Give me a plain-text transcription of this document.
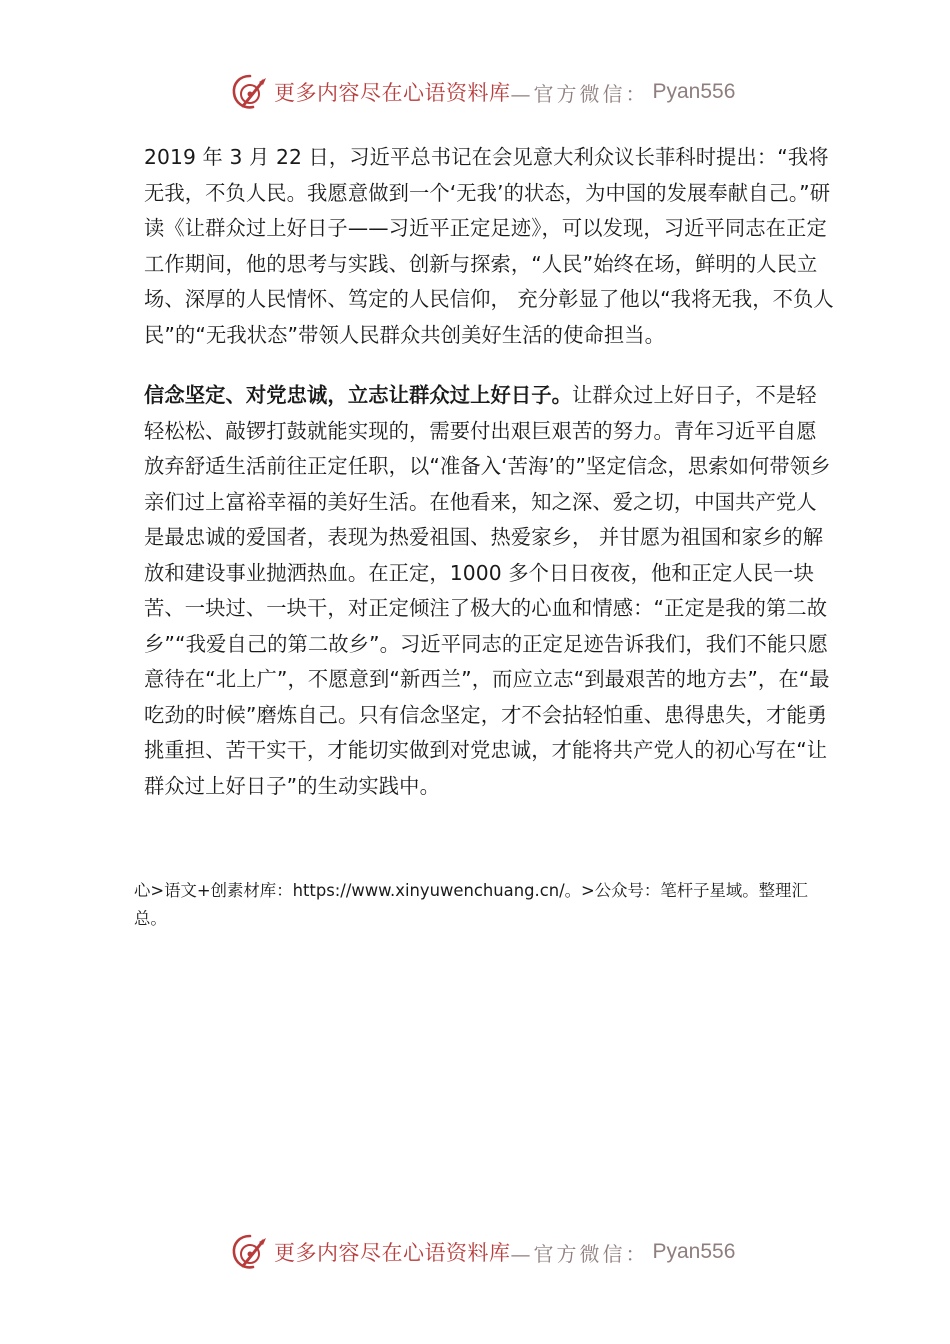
更多内容尽在心语资料库 —官方微信： Pyan556

2019 年 3 月 22 日，习近平总书记在会见意大利众议长菲科时提出：“我将无我，不负人民。我愿意做到一个‘无我’的状态，为中国的发展奉献自己。”研读《让群众过上好日子——习近平正定足迹》，可以发现，习近平同志在正定工作期间，他的思考与实践、创新与探索，“人民”始终在场，鲜明的人民立场、深厚的人民情怀、笃定的人民信仰， 充分彰显了他以“我将无我，不负人民”的“无我状态”带领人民群众共创美好生活的使命担当。

信念坚定、对党忠诚，立志让群众过上好日子。让群众过上好日子，不是轻轻松松、敲锣打鼓就能实现的，需要付出艰巨艰苦的努力。青年习近平自愿放弃舒适生活前往正定任职，以“准备入‘苦海’的”坚定信念，思索如何带领乡亲们过上富裕幸福的美好生活。在他看来，知之深、爱之切，中国共产党人是最忠诚的爱国者，表现为热爱祖国、热爱家乡， 并甘愿为祖国和家乡的解放和建设事业抛洒热血。在正定，1000 多个日日夜夜，他和正定人民一块苦、一块过、一块干，对正定倾注了极大的心血和情感：“正定是我的第二故乡”“我爱自己的第二故乡”。习近平同志的正定足迹告诉我们，我们不能只愿意待在“北上广”，不愿意到“新西兰”，而应立志“到最艰苦的地方去”，在“最吃劲的时候”磨炼自己。只有信念坚定，才不会拈轻怕重、患得患失，才能勇挑重担、苦干实干，才能切实做到对党忠诚，才能将共产党人的初心写在“让群众过上好日子”的生动实践中。

心>语文+创素材库：https://www.xinyuwenchuang.cn/。>公众号：笔杆子星域。整理汇总。
更多内容尽在心语资料库 —官方微信： Pyan556
